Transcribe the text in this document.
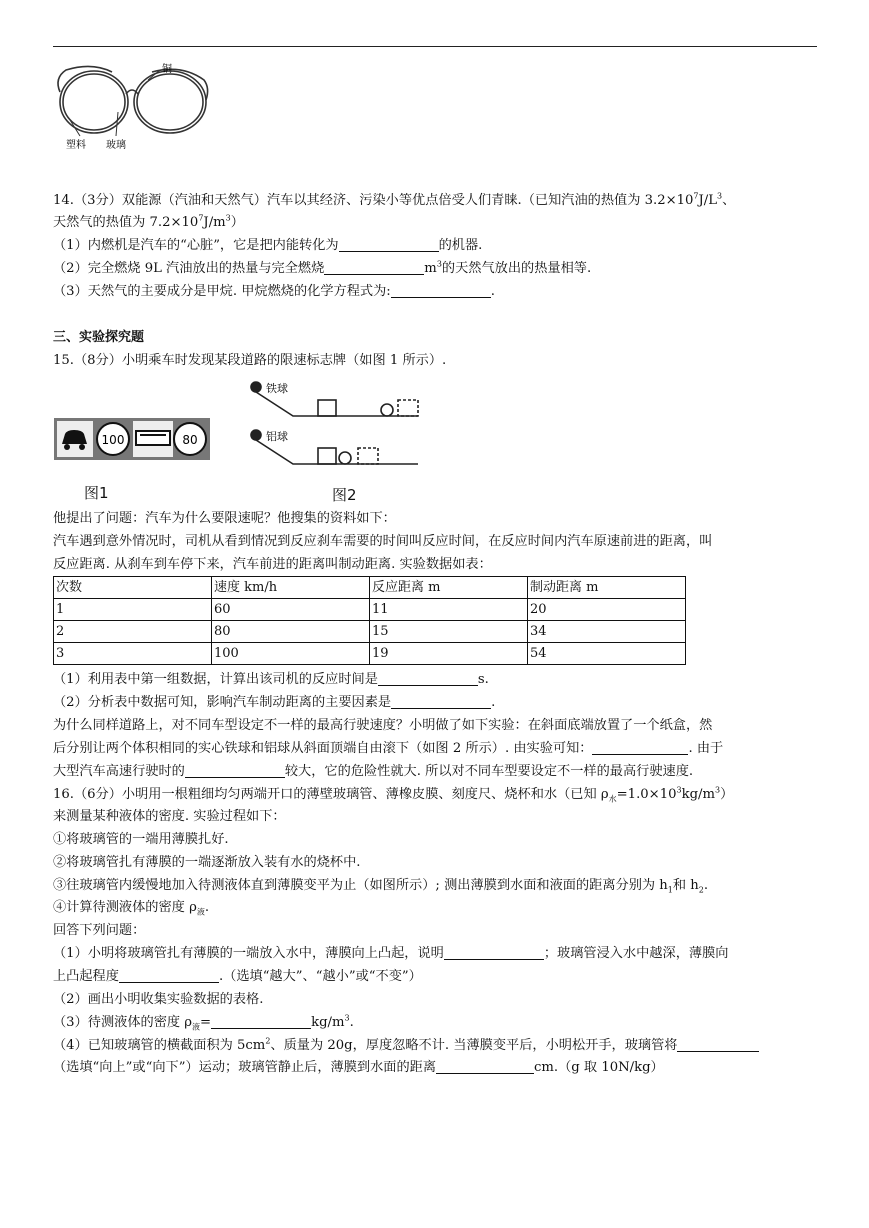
铜
塑料 玻璃
14.（3分）双能源（汽油和天然气）汽车以其经济、污染小等优点倍受人们青睐.（已知汽油的热值为 $3.2\times 10^7J/L^3$、
天然气的热值为 $7.2\times 10^7J/m^3$）
（1）内燃机是汽车的“心脏”，它是把内能转化为	的机器.
（2）完全燃烧 9L 汽油放出的热量与完全燃烧	$m^3$的天然气放出的热量相等.
（3）天然气的主要成分是甲烷. 甲烷燃烧的化学方程式为:	.
三、实验探究题
15.（8分）小明乘车时发现某段道路的限速标志牌（如图 1 所示）.
100	80
图1
铁球
铝球
图2
他提出了问题：汽车为什么要限速呢？他搜集的资料如下：
汽车遇到意外情况时，司机从看到情况到反应刹车需要的时间叫反应时间，在反应时间内汽车原速前进的距离，叫
反应距离. 从刹车到车停下来，汽车前进的距离叫制动距离. 实验数据如表：
次数	速度 km/h	反应距离 m	制动距离 m
1	60	11	20
2	80	15	34
3	100	19	54
（1）利用表中第一组数据，计算出该司机的反应时间是	s.
（2）分析表中数据可知，影响汽车制动距离的主要因素是	.
为什么同样道路上，对不同车型设定不一样的最高行驶速度？小明做了如下实验：在斜面底端放置了一个纸盒，然
后分别让两个体积相同的实心铁球和铝球从斜面顶端自由滚下（如图 2 所示）. 由实验可知：	. 由于
大型汽车高速行驶时的	较大，它的危险性就大. 所以对不同车型要设定不一样的最高行驶速度.
16.（6分）小明用一根粗细均匀两端开口的薄壁玻璃管、薄橡皮膜、刻度尺、烧杯和水（已知 $\rho_水=1.0\times 10^3kg/m^3$）
来测量某种液体的密度. 实验过程如下：
①将玻璃管的一端用薄膜扎好.
②将玻璃管扎有薄膜的一端逐渐放入装有水的烧杯中.
③往玻璃管内缓慢地加入待测液体直到薄膜变平为止（如图所示）; 测出薄膜到水面和液面的距离分别为 $h_1$和 $h_2$.
④计算待测液体的密度 $\rho_液$.
回答下列问题：
（1）小明将玻璃管扎有薄膜的一端放入水中，薄膜向上凸起，说明	；玻璃管浸入水中越深，薄膜向
上凸起程度	.（选填“越大”、“越小”或“不变”）
（2）画出小明收集实验数据的表格.
（3）待测液体的密度 $\rho_液=$	$kg/m^3$.
（4）已知玻璃管的横截面积为 $5cm^2$、质量为 20g，厚度忽略不计. 当薄膜变平后，小明松开手，玻璃管将
（选填“向上”或“向下”）运动；玻璃管静止后，薄膜到水面的距离	cm.（g 取 10N/kg）
